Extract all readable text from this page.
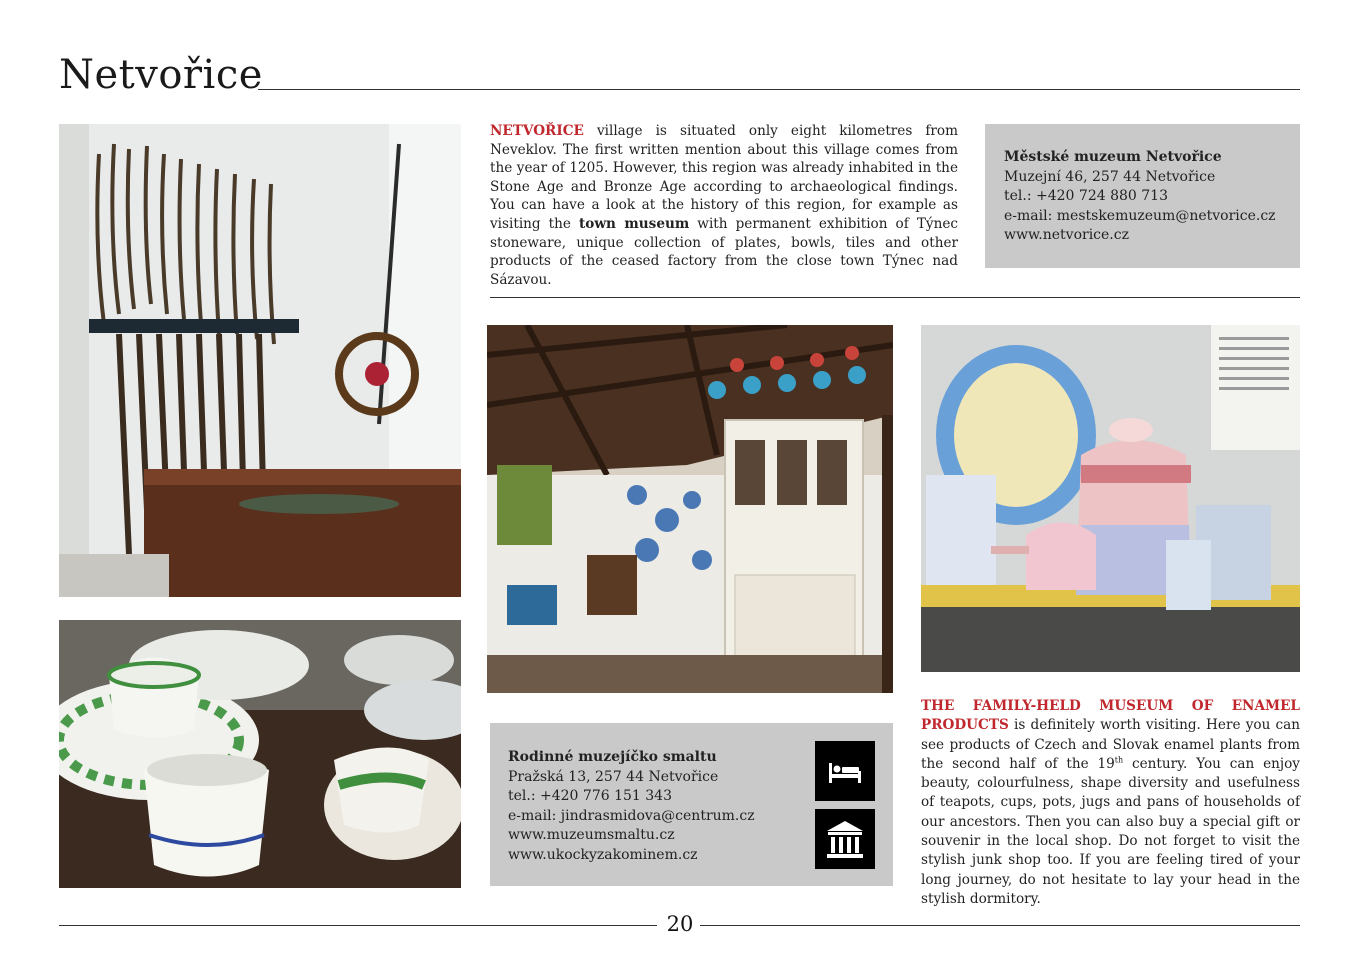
Netvořice
NETVOŘICE village is situated only eight kilometres from Neveklov. The first written mention about this village comes from the year of 1205. However, this region was already inhabited in the Stone Age and Bronze Age according to archaeological findings. You can have a look at the history of this region, for example as visiting the town museum with permanent exhibition of Týnec stoneware, unique collection of plates, bowls, tiles and other products of the ceased factory from the close town Týnec nad Sázavou.
Městské muzeum Netvořice
Muzejní 46, 257 44 Netvořice
tel.: +420 724 880 713
e-mail: mestskemuzeum@netvorice.cz
www.netvorice.cz
Rodinné muzejíčko smaltu
Pražská 13, 257 44 Netvořice
tel.: +420 776 151 343
e-mail: jindrasmidova@centrum.cz
www.muzeumsmaltu.cz
www.ukockyzakominem.cz
THE FAMILY-HELD MUSEUM OF ENAMEL PRODUCTS is definitely worth visiting. Here you can see products of Czech and Slovak enamel plants from the second half of the 19th century. You can enjoy beauty, colourfulness, shape diversity and usefulness of teapots, cups, pots, jugs and pans of households of our ancestors. Then you can also buy a special gift or souvenir in the local shop. Do not forget to visit the stylish junk shop too. If you are feeling tired of your long journey, do not hesitate to lay your head in the stylish dormitory.
20
